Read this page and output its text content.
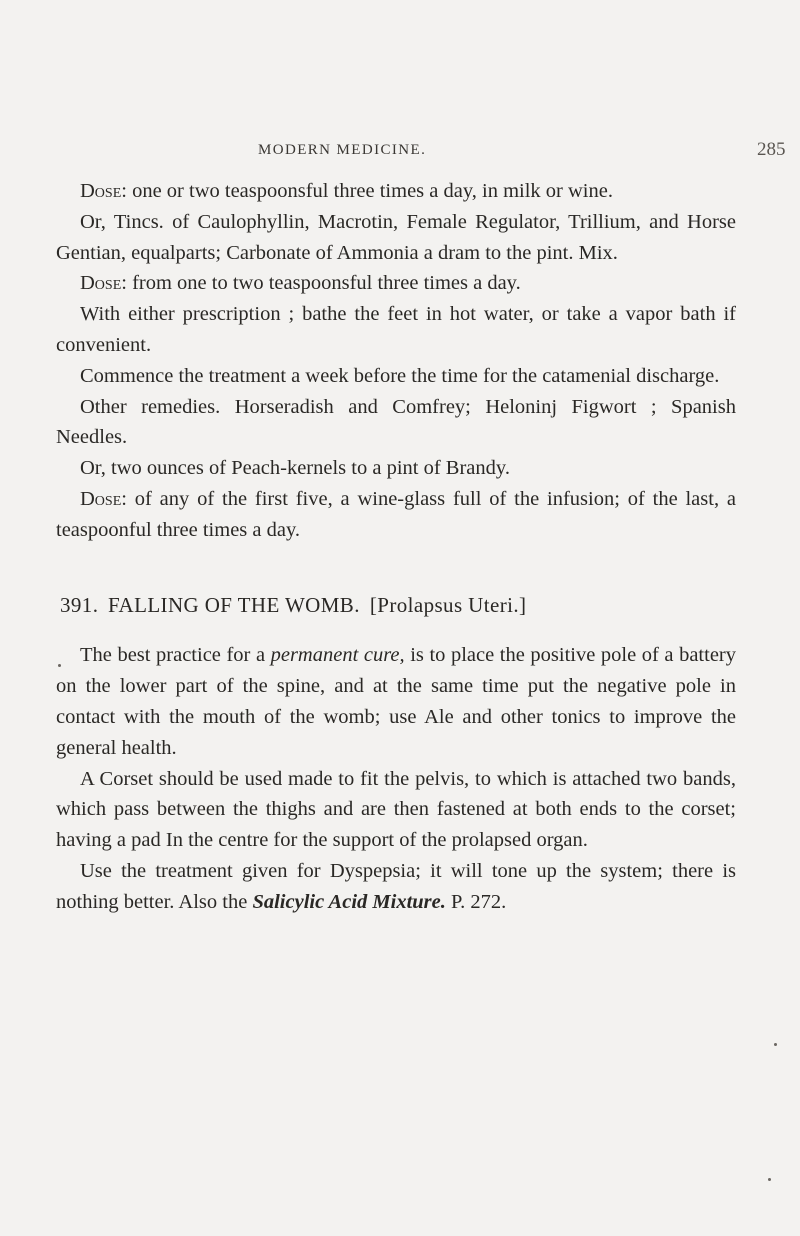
MODERN MEDICINE.	285

Dose: one or two teaspoonsful three times a day, in milk or wine.

Or, Tincs. of Caulophyllin, Macrotin, Female Regulator, Trillium, and Horse Gentian, equalparts; Carbonate of Ammonia a dram to the pint. Mix.

Dose: from one to two teaspoonsful three times a day.

With either prescription ; bathe the feet in hot water, or take a vapor bath if convenient.

Commence the treatment a week before the time for the catamenial discharge.

Other remedies. Horseradish and Comfrey; Heloninj Figwort ; Spanish Needles.

Or, two ounces of Peach-kernels to a pint of Brandy.

Dose: of any of the first five, a wine-glass full of the infusion; of the last, a teaspoonful three times a day.

391. FALLING OF THE WOMB. [Prolapsus Uteri.]

The best practice for a permanent cure, is to place the positive pole of a battery on the lower part of the spine, and at the same time put the negative pole in contact with the mouth of the womb; use Ale and other tonics to improve the general health.

A Corset should be used made to fit the pelvis, to which is attached two bands, which pass between the thighs and are then fastened at both ends to the corset; having a pad In the centre for the support of the prolapsed organ.

Use the treatment given for Dyspepsia; it will tone up the system; there is nothing better. Also the Salicylic Acid Mixture. P. 272.
